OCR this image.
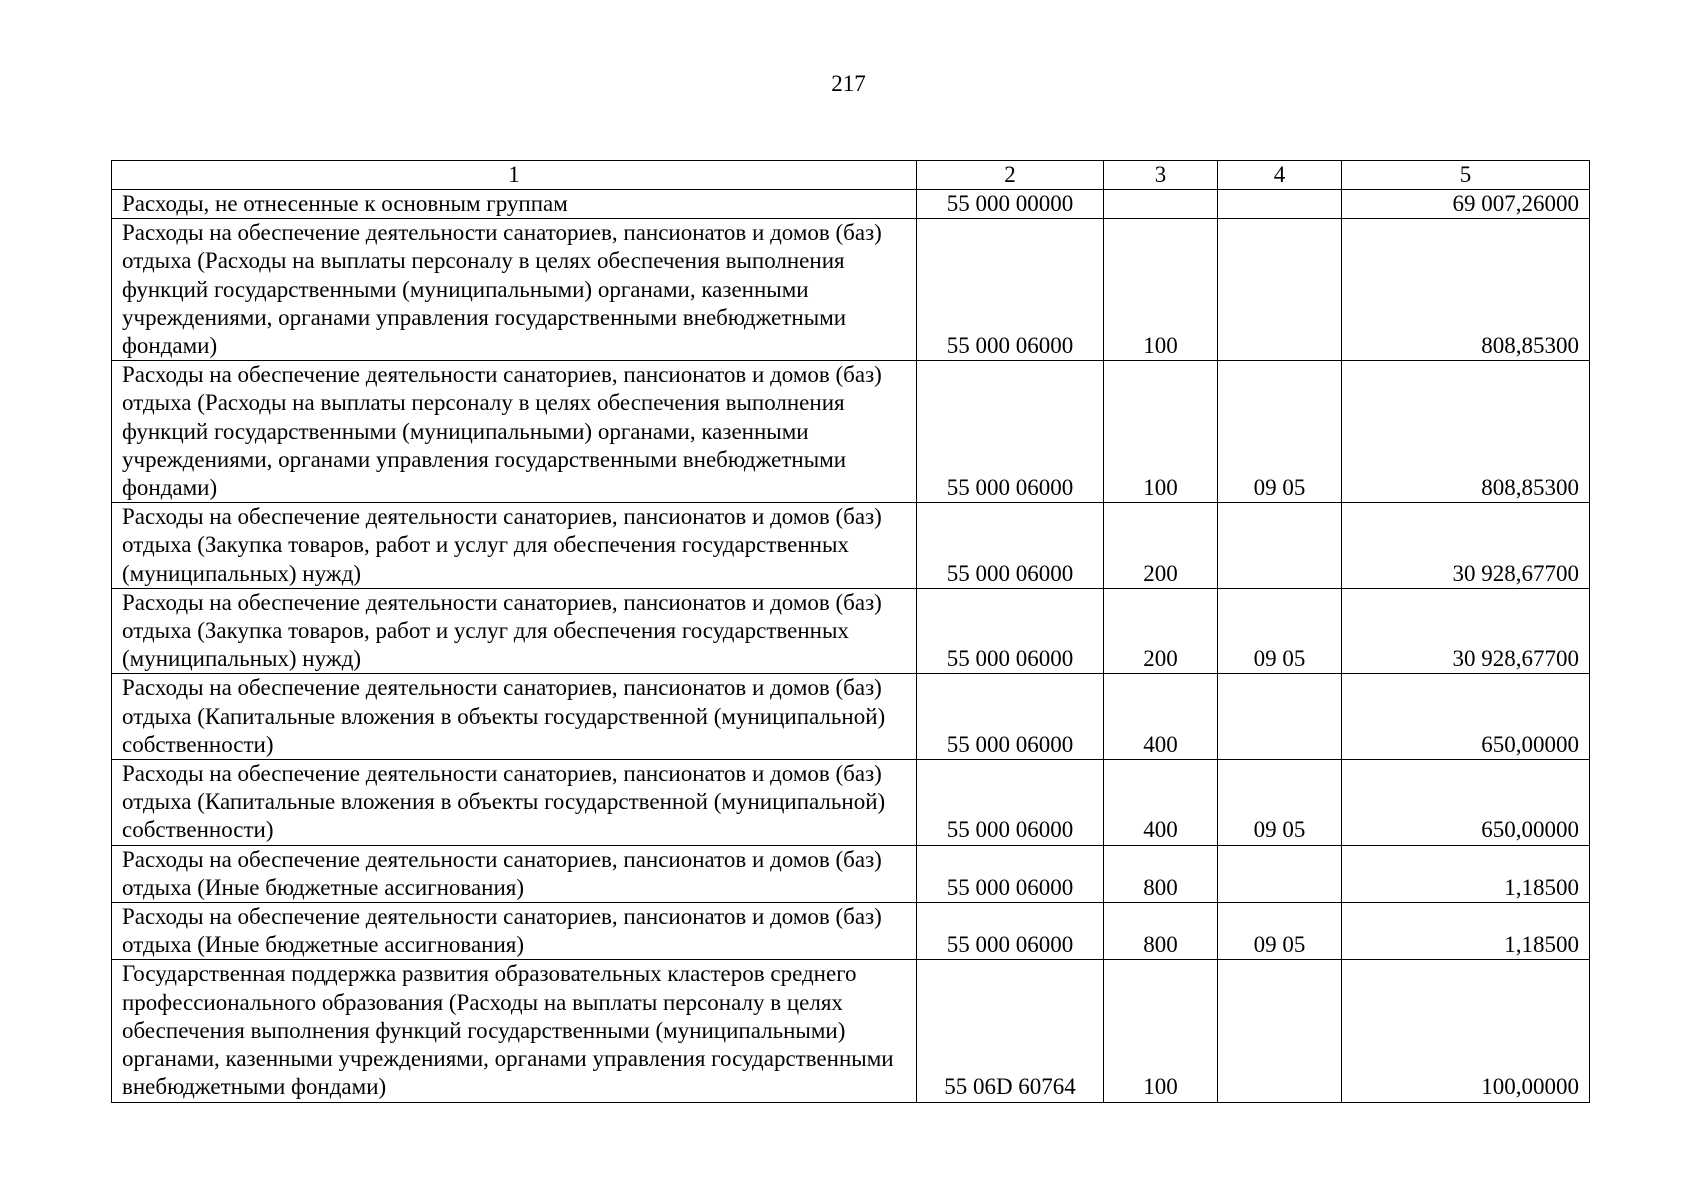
217
1	2	3	4	5
Расходы, не отнесенные к основным группам	55 000 00000			69 007,26000
Расходы на обеспечение деятельности санаториев, пансионатов и домов (баз) отдыха (Расходы на выплаты персоналу в целях обеспечения выполнения функций государственными (муниципальными) органами, казенными учреждениями, органами управления государственными внебюджетными фондами)	55 000 06000	100		808,85300
Расходы на обеспечение деятельности санаториев, пансионатов и домов (баз) отдыха (Расходы на выплаты персоналу в целях обеспечения выполнения функций государственными (муниципальными) органами, казенными учреждениями, органами управления государственными внебюджетными фондами)	55 000 06000	100	09 05	808,85300
Расходы на обеспечение деятельности санаториев, пансионатов и домов (баз) отдыха (Закупка товаров, работ и услуг для обеспечения государственных (муниципальных) нужд)	55 000 06000	200		30 928,67700
Расходы на обеспечение деятельности санаториев, пансионатов и домов (баз) отдыха (Закупка товаров, работ и услуг для обеспечения государственных (муниципальных) нужд)	55 000 06000	200	09 05	30 928,67700
Расходы на обеспечение деятельности санаториев, пансионатов и домов (баз) отдыха (Капитальные вложения в объекты государственной (муниципальной) собственности)	55 000 06000	400		650,00000
Расходы на обеспечение деятельности санаториев, пансионатов и домов (баз) отдыха (Капитальные вложения в объекты государственной (муниципальной) собственности)	55 000 06000	400	09 05	650,00000
Расходы на обеспечение деятельности санаториев, пансионатов и домов (баз) отдыха (Иные бюджетные ассигнования)	55 000 06000	800		1,18500
Расходы на обеспечение деятельности санаториев, пансионатов и домов (баз) отдыха (Иные бюджетные ассигнования)	55 000 06000	800	09 05	1,18500
Государственная поддержка развития образовательных кластеров среднего профессионального образования (Расходы на выплаты персоналу в целях обеспечения выполнения функций государственными (муниципальными) органами, казенными учреждениями, органами управления государственными внебюджетными фондами)	55 06D 60764	100		100,00000
